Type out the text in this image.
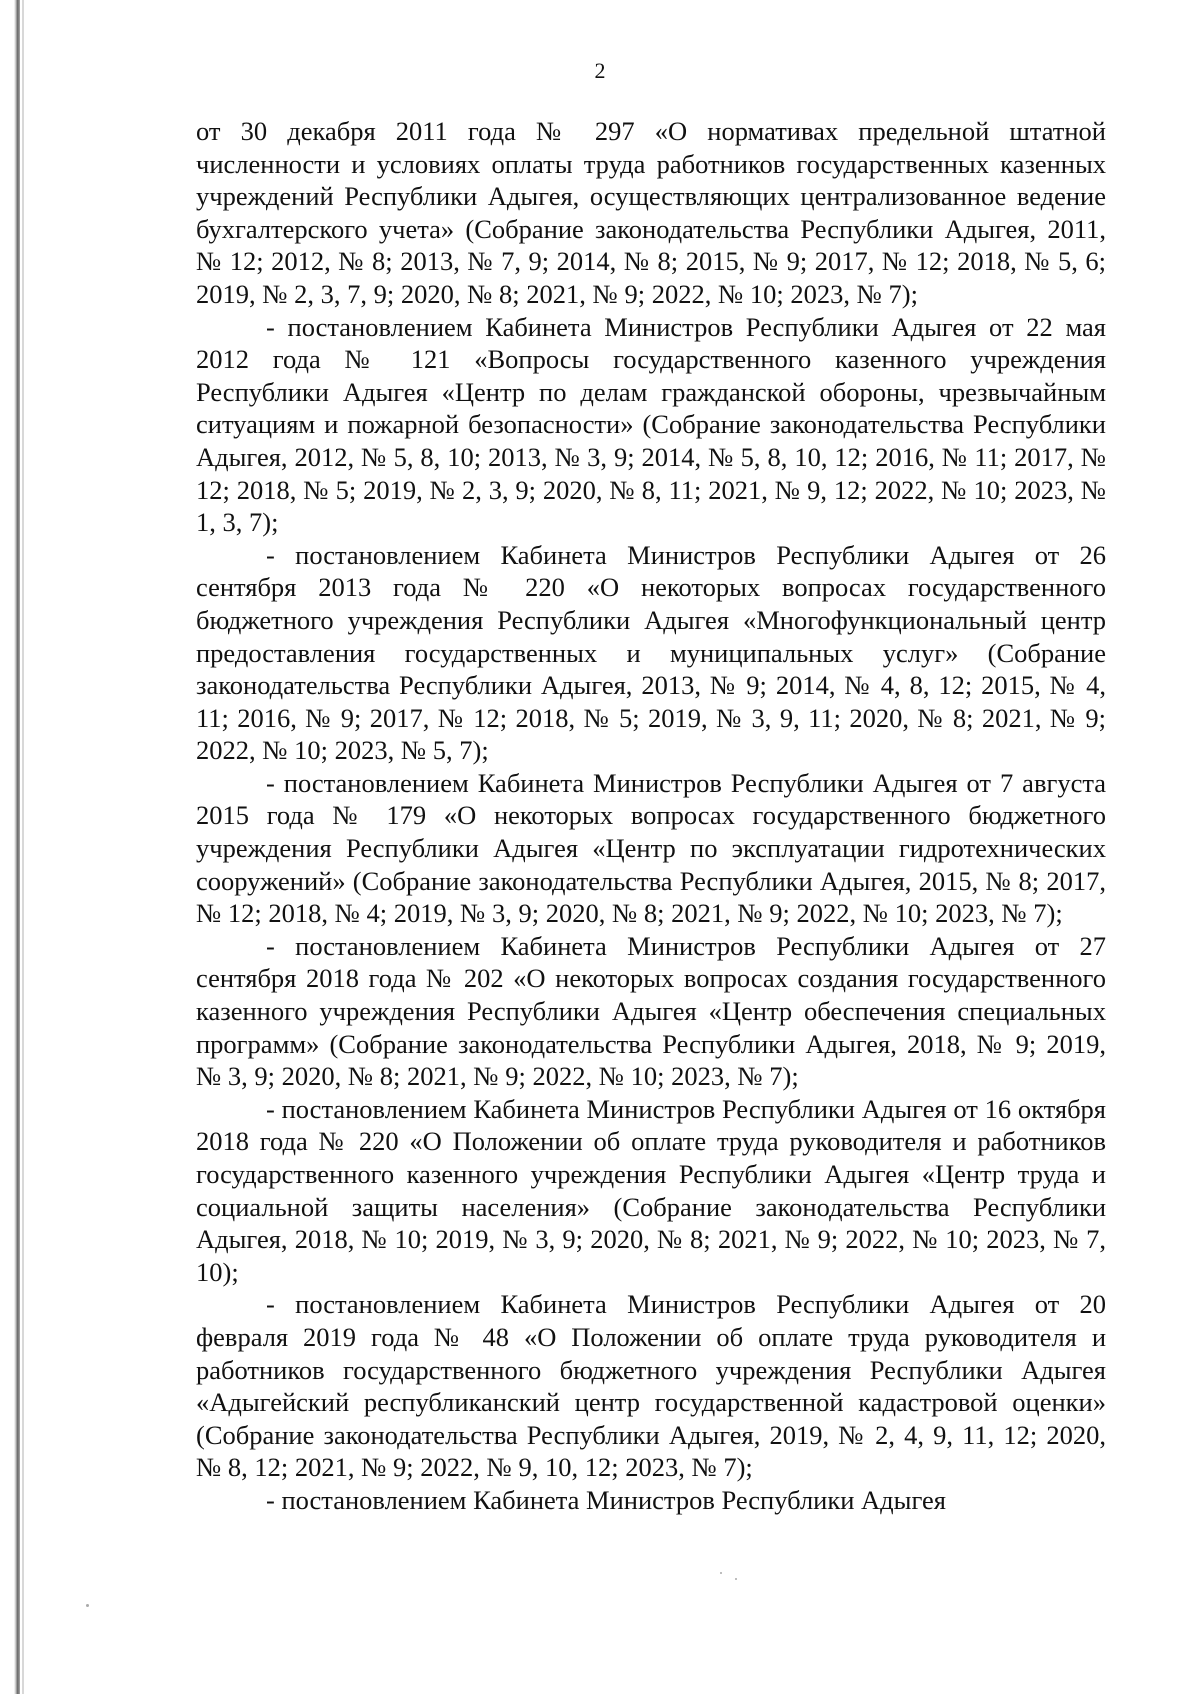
2

от 30 декабря 2011 года № 297 «О нормативах предельной штатной численности и условиях оплаты труда работников государственных казенных учреждений Республики Адыгея, осуществляющих централизованное ведение бухгалтерского учета» (Собрание законодательства Республики Адыгея, 2011, № 12; 2012, № 8; 2013, № 7, 9; 2014, № 8; 2015, № 9; 2017, № 12; 2018, № 5, 6; 2019, № 2, 3, 7, 9; 2020, № 8; 2021, № 9; 2022, № 10; 2023, № 7);

- постановлением Кабинета Министров Республики Адыгея от 22 мая 2012 года № 121 «Вопросы государственного казенного учреждения Республики Адыгея «Центр по делам гражданской обороны, чрезвычайным ситуациям и пожарной безопасности» (Собрание законодательства Республики Адыгея, 2012, № 5, 8, 10; 2013, № 3, 9; 2014, № 5, 8, 10, 12; 2016, № 11; 2017, № 12; 2018, № 5; 2019, № 2, 3, 9; 2020, № 8, 11; 2021, № 9, 12; 2022, № 10; 2023, № 1, 3, 7);

- постановлением Кабинета Министров Республики Адыгея от 26 сентября 2013 года № 220 «О некоторых вопросах государственного бюджетного учреждения Республики Адыгея «Многофункциональный центр предоставления государственных и муниципальных услуг» (Собрание законодательства Республики Адыгея, 2013, № 9; 2014, № 4, 8, 12; 2015, № 4, 11; 2016, № 9; 2017, № 12; 2018, № 5; 2019, № 3, 9, 11; 2020, № 8; 2021, № 9; 2022, № 10; 2023, № 5, 7);

- постановлением Кабинета Министров Республики Адыгея от 7 августа 2015 года № 179 «О некоторых вопросах государственного бюджетного учреждения Республики Адыгея «Центр по эксплуатации гидротехнических сооружений» (Собрание законодательства Республики Адыгея, 2015, № 8; 2017, № 12; 2018, № 4; 2019, № 3, 9; 2020, № 8; 2021, № 9; 2022, № 10; 2023, № 7);

- постановлением Кабинета Министров Республики Адыгея от 27 сентября 2018 года № 202 «О некоторых вопросах создания государственного казенного учреждения Республики Адыгея «Центр обеспечения специальных программ» (Собрание законодательства Республики Адыгея, 2018, № 9; 2019, № 3, 9; 2020, № 8; 2021, № 9; 2022, № 10; 2023, № 7);

- постановлением Кабинета Министров Республики Адыгея от 16 октября 2018 года № 220 «О Положении об оплате труда руководителя и работников государственного казенного учреждения Республики Адыгея «Центр труда и социальной защиты населения» (Собрание законодательства Республики Адыгея, 2018, № 10; 2019, № 3, 9; 2020, № 8; 2021, № 9; 2022, № 10; 2023, № 7, 10);

- постановлением Кабинета Министров Республики Адыгея от 20 февраля 2019 года № 48 «О Положении об оплате труда руководителя и работников государственного бюджетного учреждения Республики Адыгея «Адыгейский республиканский центр государственной кадастровой оценки» (Собрание законодательства Республики Адыгея, 2019, № 2, 4, 9, 11, 12; 2020, № 8, 12; 2021, № 9; 2022, № 9, 10, 12; 2023, № 7);

- постановлением Кабинета Министров Республики Адыгея
